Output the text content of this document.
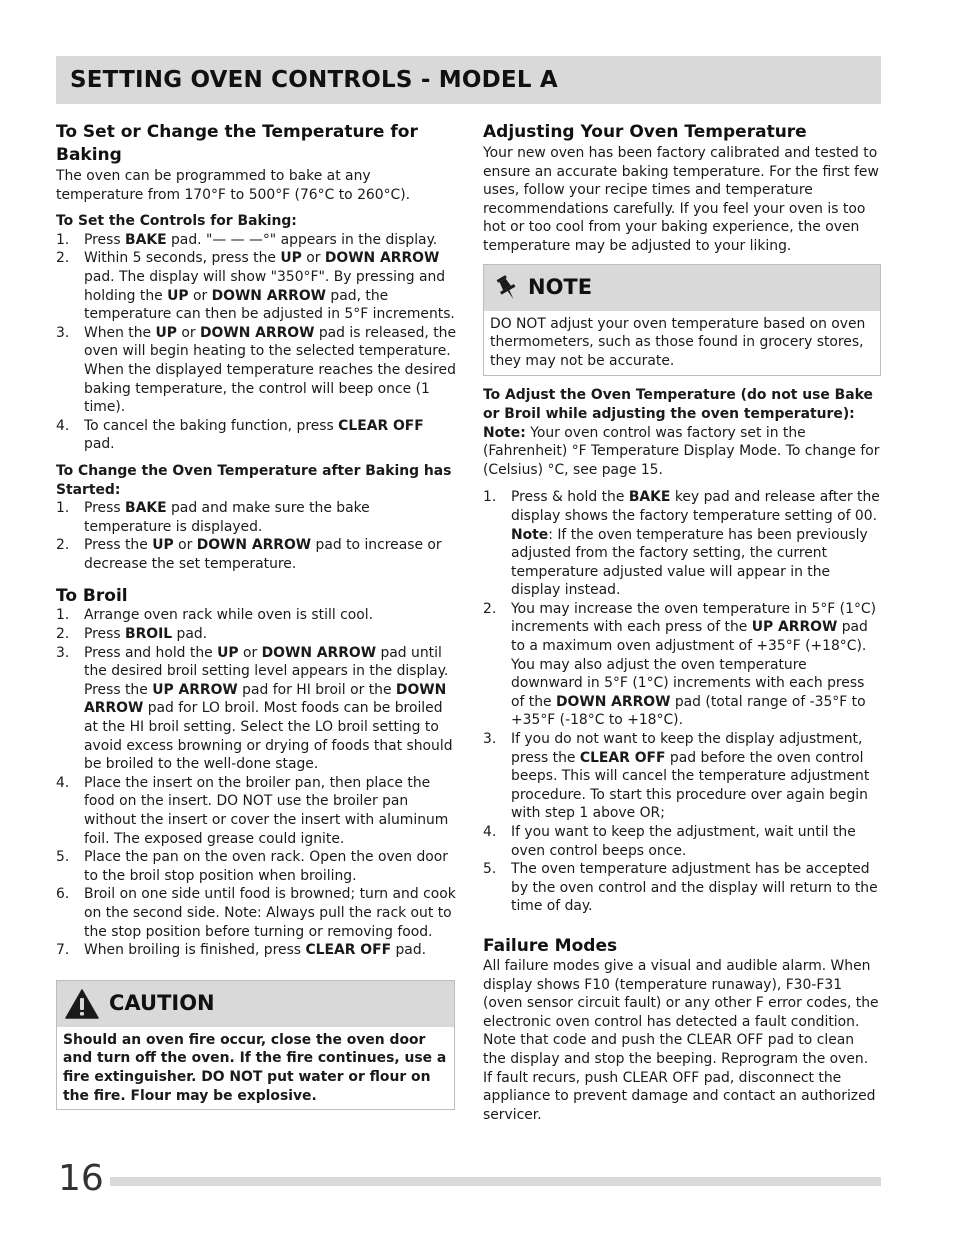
SETTING OVEN CONTROLS - MODEL A
To Set or Change the Temperature for Baking

The oven can be programmed to bake at any temperature from 170°F to 500°F (76°C to 260°C).

To Set the Controls for Baking:

1. Press BAKE pad. "— — —°" appears in the display.
2. Within 5 seconds, press the UP or DOWN ARROW pad. The display will show "350°F". By pressing and holding the UP or DOWN ARROW pad, the temperature can then be adjusted in 5°F increments.
3. When the UP or DOWN ARROW pad is released, the oven will begin heating to the selected temperature. When the displayed temperature reaches the desired baking temperature, the control will beep once (1 time).
4. To cancel the baking function, press CLEAR OFF pad.

To Change the Oven Temperature after Baking has Started:

1. Press BAKE pad and make sure the bake temperature is displayed.
2. Press the UP or DOWN ARROW pad to increase or decrease the set temperature.
To Broil
1. Arrange oven rack while oven is still cool.
2. Press BROIL pad.
3. Press and hold the UP or DOWN ARROW pad until the desired broil setting level appears in the display. Press the UP ARROW pad for HI broil or the DOWN ARROW pad for LO broil. Most foods can be broiled at the HI broil setting. Select the LO broil setting to avoid excess browning or drying of foods that should be broiled to the well-done stage.
4. Place the insert on the broiler pan, then place the food on the insert. DO NOT use the broiler pan without the insert or cover the insert with aluminum foil. The exposed grease could ignite.
5. Place the pan on the oven rack. Open the oven door to the broil stop position when broiling.
6. Broil on one side until food is browned; turn and cook on the second side. Note: Always pull the rack out to the stop position before turning or removing food.
7. When broiling is finished, press CLEAR OFF pad.
CAUTION
Should an oven fire occur, close the oven door and turn off the oven. If the fire continues, use a fire extinguisher. DO NOT put water or flour on the fire. Flour may be explosive.
Adjusting Your Oven Temperature

Your new oven has been factory calibrated and tested to ensure an accurate baking temperature. For the first few uses, follow your recipe times and temperature recommendations carefully. If you feel your oven is too hot or too cool from your baking experience, the oven temperature may be adjusted to your liking.

NOTE
DO NOT adjust your oven temperature based on oven thermometers, such as those found in grocery stores, they may not be accurate.

To Adjust the Oven Temperature (do not use Bake or Broil while adjusting the oven temperature):

Note: Your oven control was factory set in the (Fahrenheit) °F Temperature Display Mode. To change for (Celsius) °C, see page 15.

1. Press & hold the BAKE key pad and release after the display shows the factory temperature setting of 00. Note: If the oven temperature has been previously adjusted from the factory setting, the current temperature adjusted value will appear in the display instead.
2. You may increase the oven temperature in 5°F (1°C) increments with each press of the UP ARROW pad to a maximum oven adjustment of +35°F (+18°C). You may also adjust the oven temperature downward in 5°F (1°C) increments with each press of the DOWN ARROW pad (total range of -35°F to +35°F (-18°C to +18°C).
3. If you do not want to keep the display adjustment, press the CLEAR OFF pad before the oven control beeps. This will cancel the temperature adjustment procedure. To start this procedure over again begin with step 1 above OR;
4. If you want to keep the adjustment, wait until the oven control beeps once.
5. The oven temperature adjustment has be accepted by the oven control and the display will return to the time of day.
Failure Modes

All failure modes give a visual and audible alarm. When display shows F10 (temperature runaway), F30-F31 (oven sensor circuit fault) or any other F error codes, the electronic oven control has detected a fault condition. Note that code and push the CLEAR OFF pad to clean the display and stop the beeping. Reprogram the oven. If fault recurs, push CLEAR OFF pad, disconnect the appliance to prevent damage and contact an authorized servicer.

16
